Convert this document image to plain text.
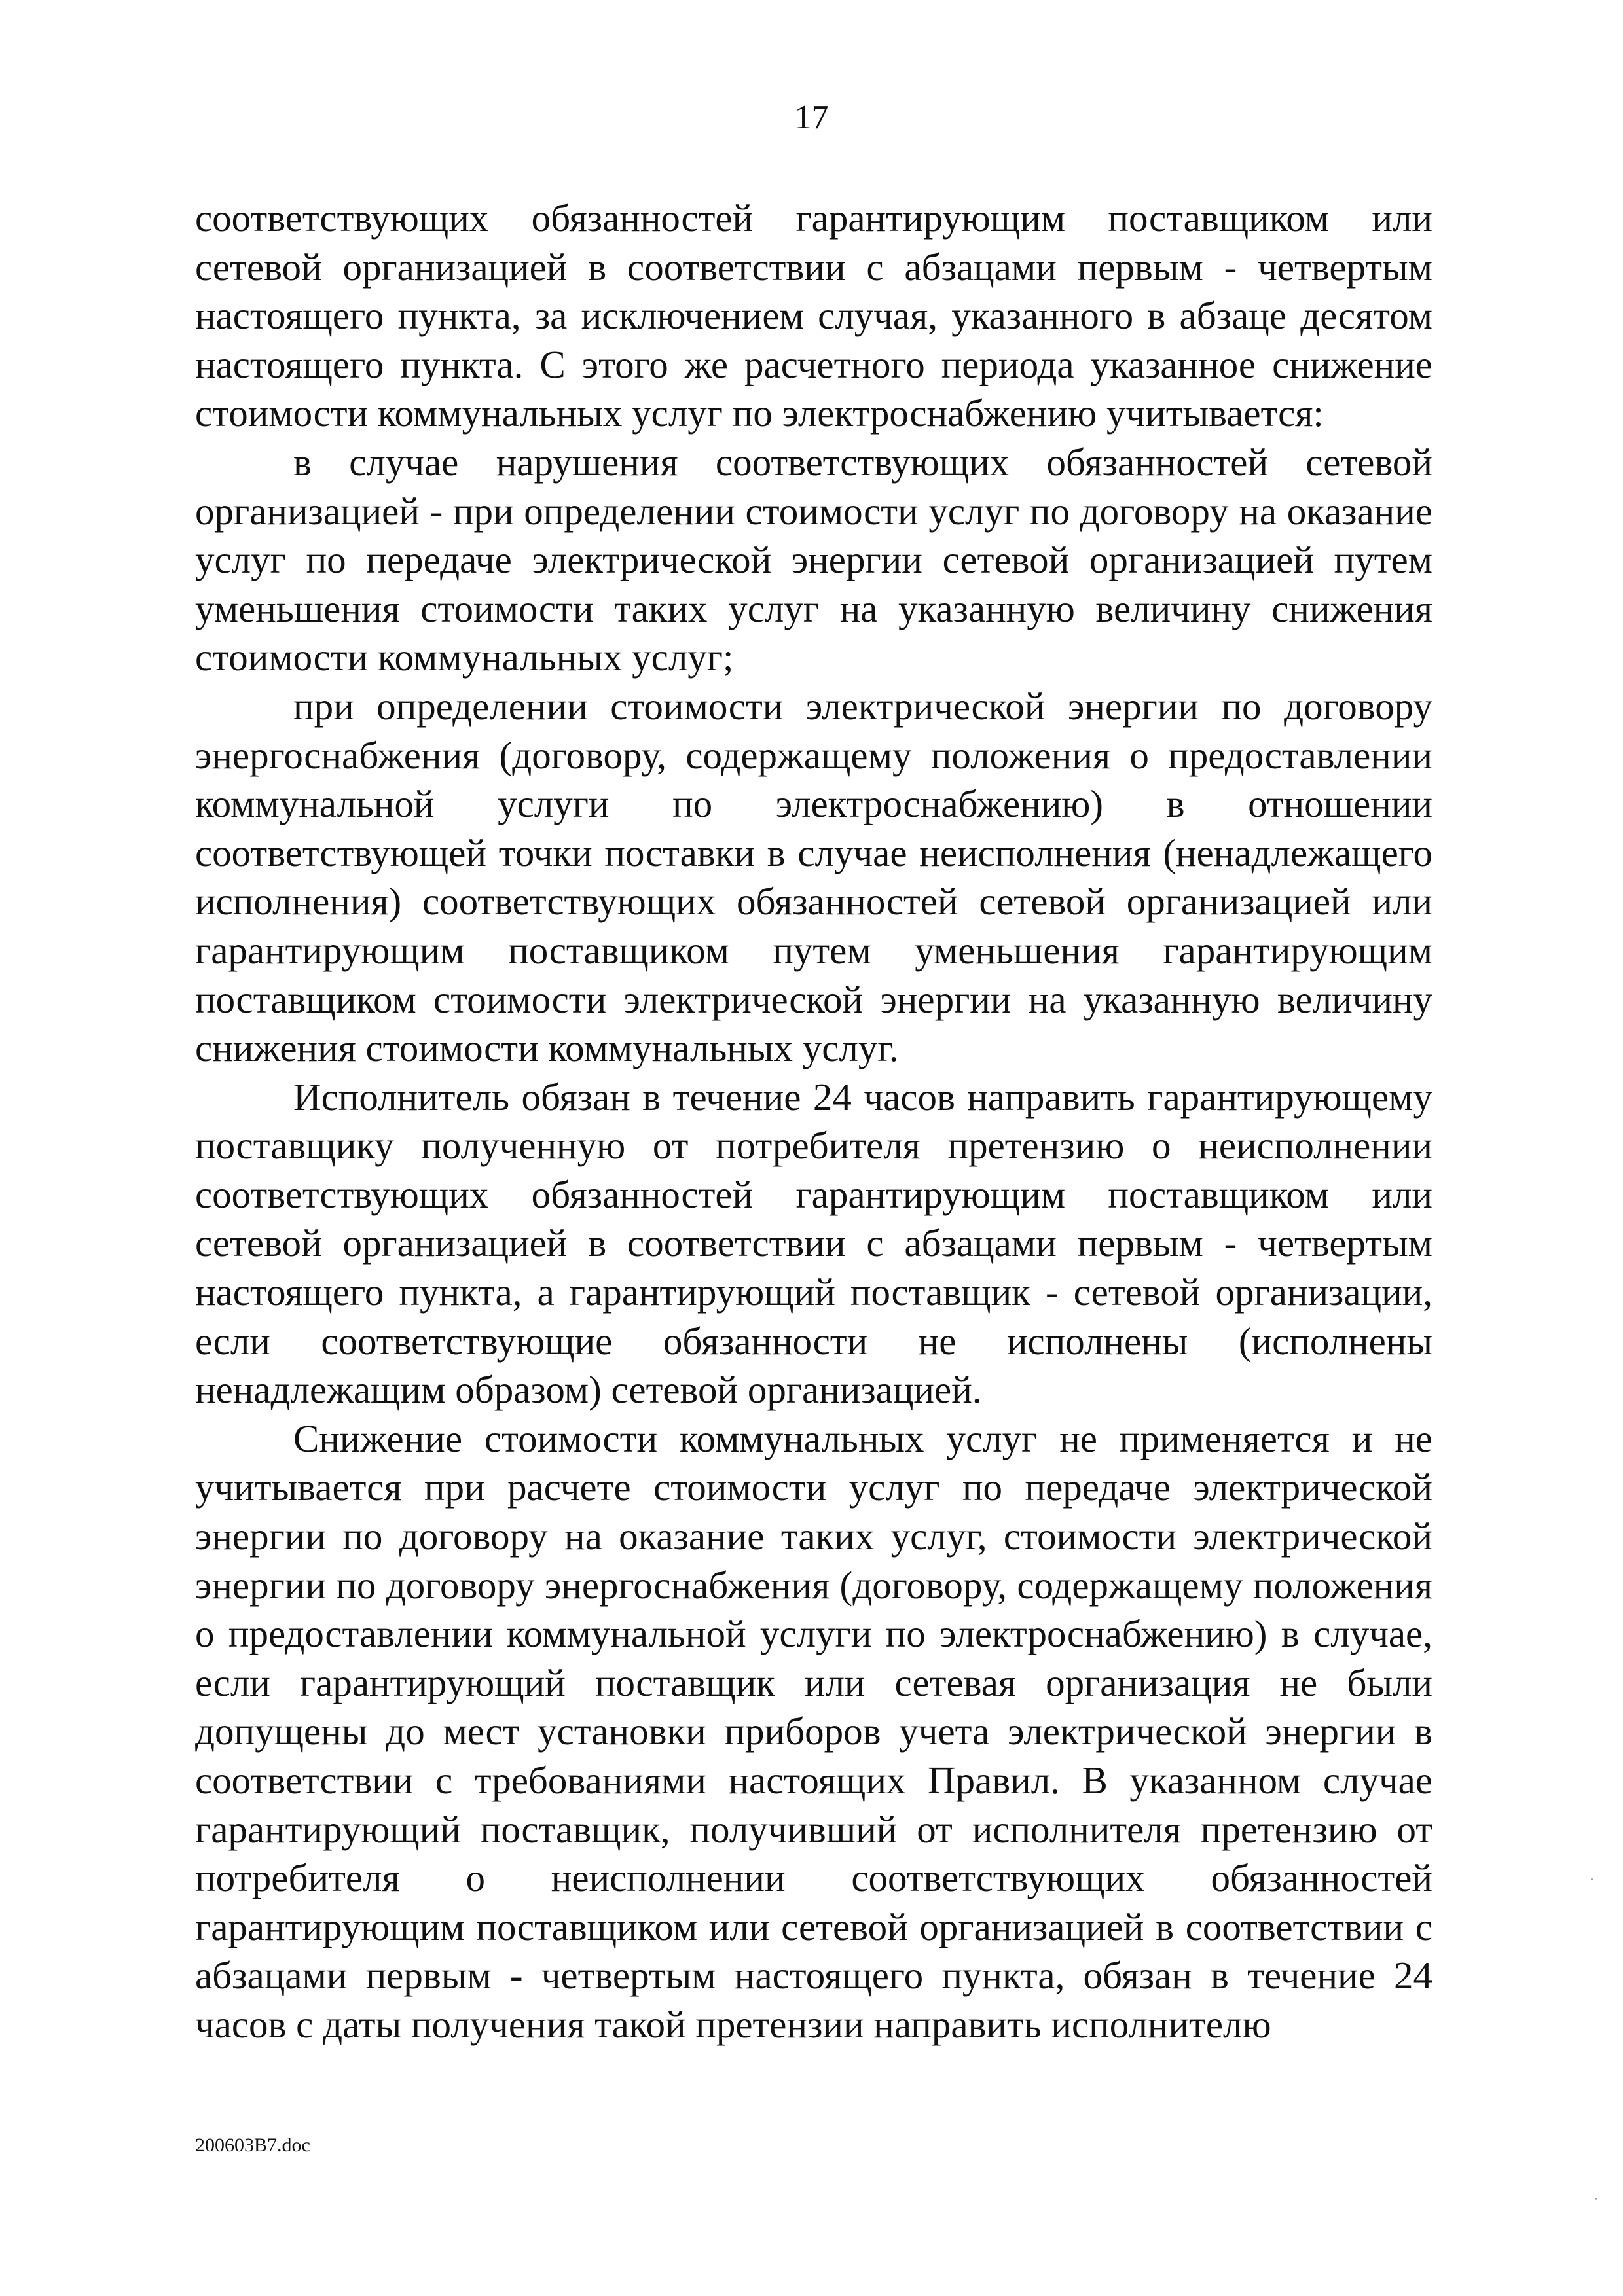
17

соответствующих обязанностей гарантирующим поставщиком или сетевой организацией в соответствии с абзацами первым - четвертым настоящего пункта, за исключением случая, указанного в абзаце десятом настоящего пункта. С этого же расчетного периода указанное снижение стоимости коммунальных услуг по электроснабжению учитывается:

в случае нарушения соответствующих обязанностей сетевой организацией - при определении стоимости услуг по договору на оказание услуг по передаче электрической энергии сетевой организацией путем уменьшения стоимости таких услуг на указанную величину снижения стоимости коммунальных услуг;

при определении стоимости электрической энергии по договору энергоснабжения (договору, содержащему положения о предоставлении коммунальной услуги по электроснабжению) в отношении соответствующей точки поставки в случае неисполнения (ненадлежащего исполнения) соответствующих обязанностей сетевой организацией или гарантирующим поставщиком путем уменьшения гарантирующим поставщиком стоимости электрической энергии на указанную величину снижения стоимости коммунальных услуг.

Исполнитель обязан в течение 24 часов направить гарантирующему поставщику полученную от потребителя претензию о неисполнении соответствующих обязанностей гарантирующим поставщиком или сетевой организацией в соответствии с абзацами первым - четвертым настоящего пункта, а гарантирующий поставщик - сетевой организации, если соответствующие обязанности не исполнены (исполнены ненадлежащим образом) сетевой организацией.

Снижение стоимости коммунальных услуг не применяется и не учитывается при расчете стоимости услуг по передаче электрической энергии по договору на оказание таких услуг, стоимости электрической энергии по договору энергоснабжения (договору, содержащему положения о предоставлении коммунальной услуги по электроснабжению) в случае, если гарантирующий поставщик или сетевая организация не были допущены до мест установки приборов учета электрической энергии в соответствии с требованиями настоящих Правил. В указанном случае гарантирующий поставщик, получивший от исполнителя претензию от потребителя о неисполнении соответствующих обязанностей гарантирующим поставщиком или сетевой организацией в соответствии с абзацами первым - четвертым настоящего пункта, обязан в течение 24 часов с даты получения такой претензии направить исполнителю

200603B7.doc
